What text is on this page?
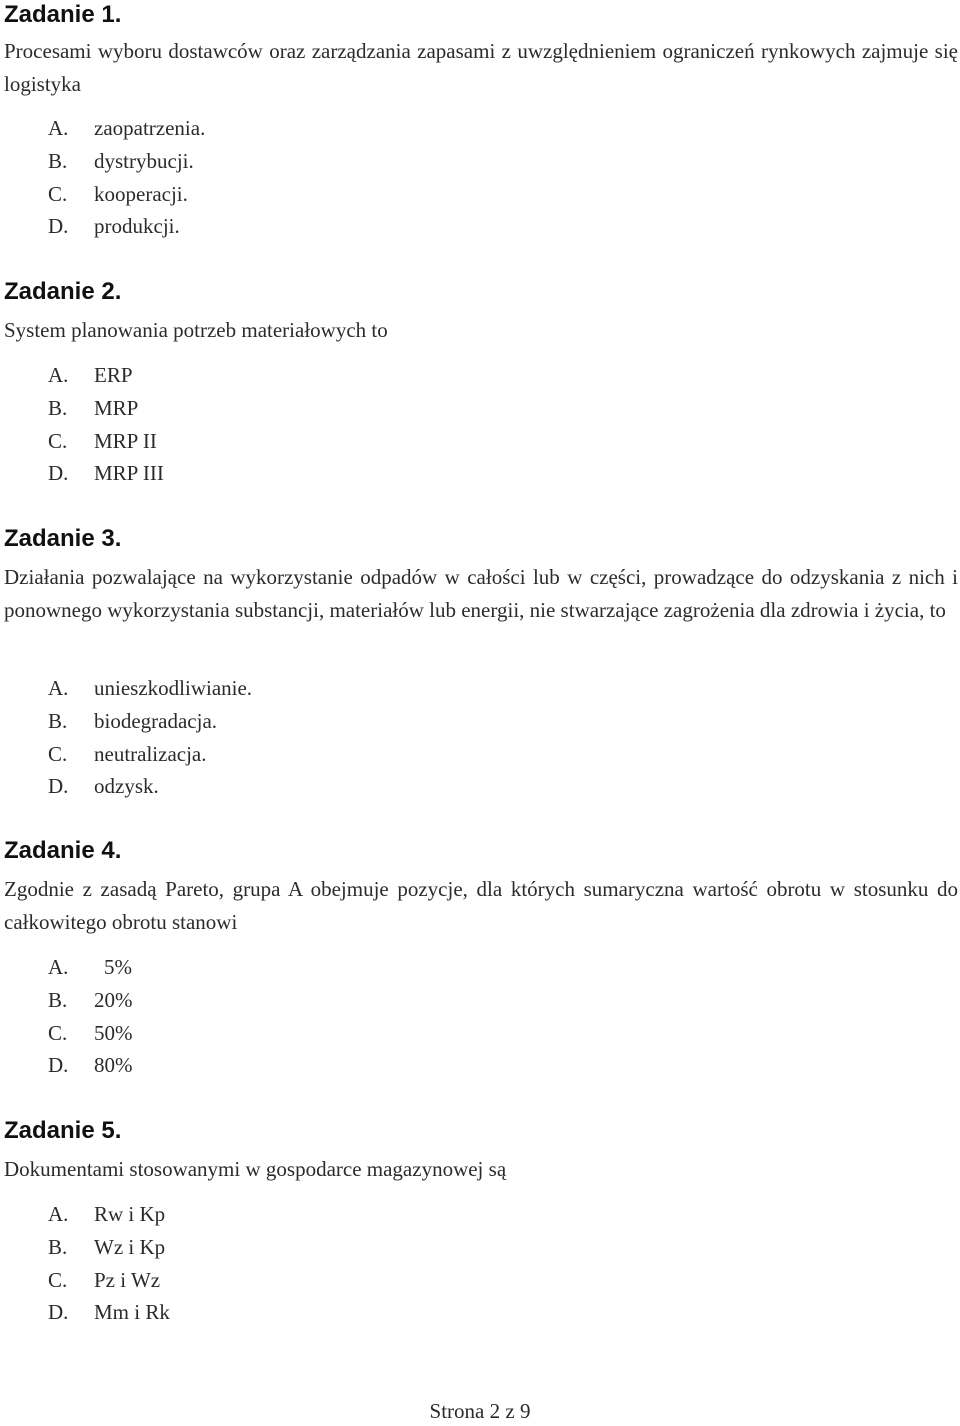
Zadanie 1.

Procesami wyboru dostawców oraz zarządzania zapasami z uwzględnieniem ograniczeń rynkowych zajmuje się logistyka

A. zaopatrzenia.
B. dystrybucji.
C. kooperacji.
D. produkcji.
Zadanie 2.

System planowania potrzeb materiałowych to

A. ERP
B. MRP
C. MRP II
D. MRP III
Zadanie 3.

Działania pozwalające na wykorzystanie odpadów w całości lub w części, prowadzące do odzyskania z nich i ponownego wykorzystania substancji, materiałów lub energii, nie stwarzające zagrożenia dla zdrowia i życia, to

A. unieszkodliwianie.
B. biodegradacja.
C. neutralizacja.
D. odzysk.
Zadanie 4.

Zgodnie z zasadą Pareto, grupa A obejmuje pozycje, dla których sumaryczna wartość obrotu w stosunku do całkowitego obrotu stanowi

A. 5%
B. 20%
C. 50%
D. 80%
Zadanie 5.

Dokumentami stosowanymi w gospodarce magazynowej są

A. Rw i Kp
B. Wz i Kp
C. Pz i Wz
D. Mm i Rk
Strona 2 z 9
